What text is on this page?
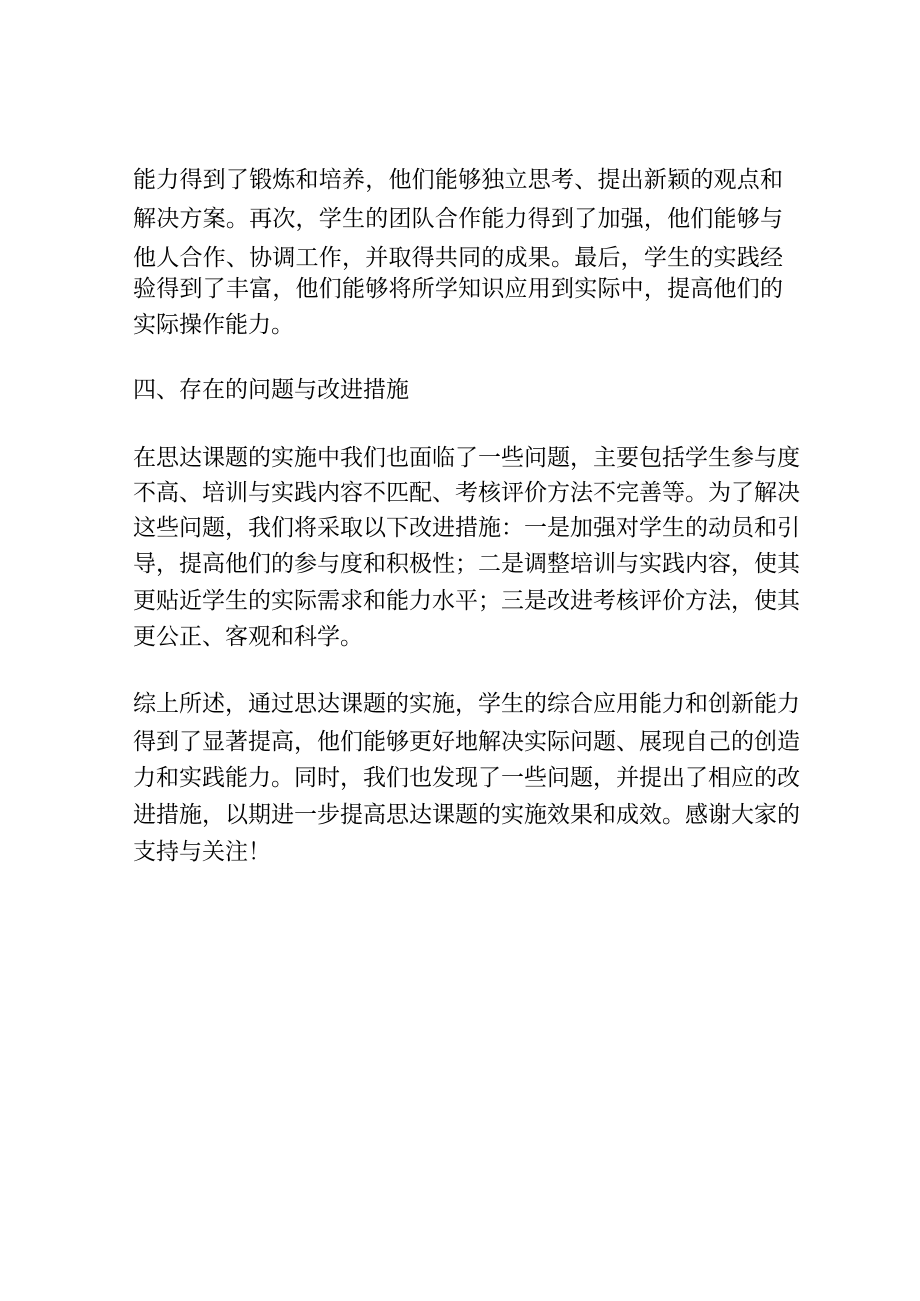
能力得到了锻炼和培养，他们能够独立思考、提出新颖的观点和

解决方案。再次，学生的团队合作能力得到了加强，他们能够与

他人合作、协调工作，并取得共同的成果。最后，学生的实践经

验得到了丰富，他们能够将所学知识应用到实际中，提高他们的

实际操作能力。

四、存在的问题与改进措施

在思达课题的实施中我们也面临了一些问题，主要包括学生参与度

不高、培训与实践内容不匹配、考核评价方法不完善等。为了解决

这些问题，我们将采取以下改进措施：一是加强对学生的动员和引

导，提高他们的参与度和积极性；二是调整培训与实践内容，使其

更贴近学生的实际需求和能力水平；三是改进考核评价方法，使其

更公正、客观和科学。

综上所述，通过思达课题的实施，学生的综合应用能力和创新能力

得到了显著提高，他们能够更好地解决实际问题、展现自己的创造

力和实践能力。同时，我们也发现了一些问题，并提出了相应的改

进措施，以期进一步提高思达课题的实施效果和成效。感谢大家的

支持与关注！
